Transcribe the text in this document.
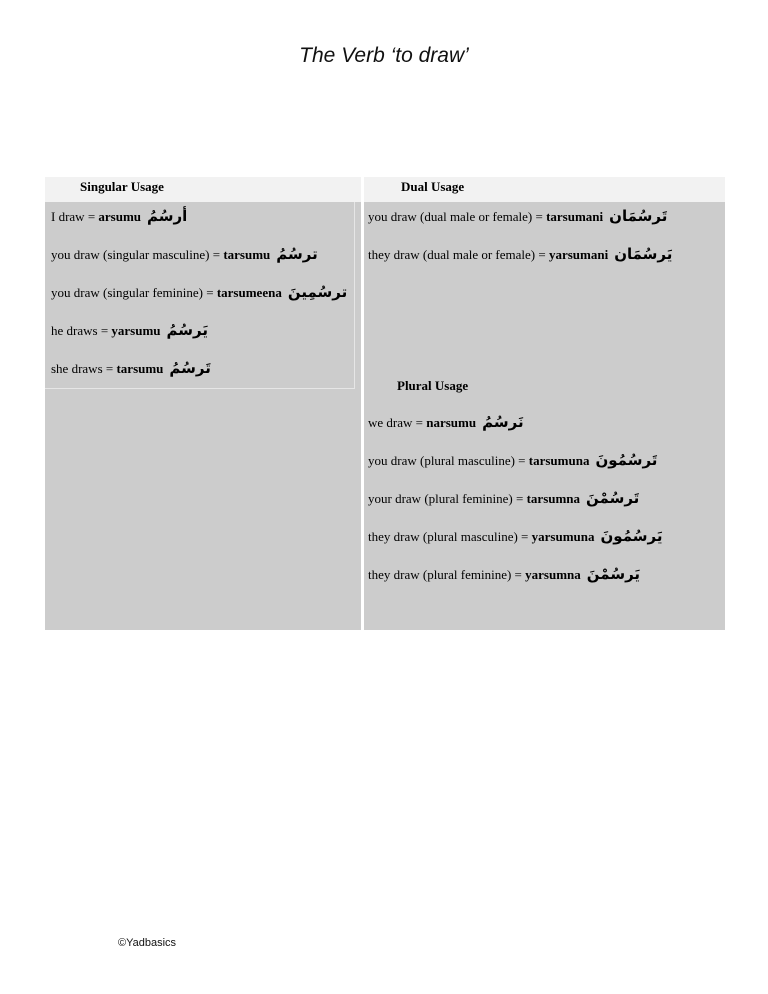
The Verb ‘to draw’
Singular Usage
I draw = arsumu أرسُمُ
you draw (singular masculine) = tarsumu ترسُمُ
you draw (singular feminine) = tarsumeena ترسُمِينَ
he draws = yarsumu يَرسُمُ
she draws = tarsumu تَرسُمُ
Dual Usage
you draw (dual male or female) = tarsumani تَرسُمَان
they draw (dual male or female) = yarsumani يَرسُمَان
Plural Usage
we draw = narsumu نَرسُمُ
you draw (plural masculine) = tarsumuna تَرسُمُونَ
your draw (plural feminine) = tarsumna تَرسُمْنَ
they draw (plural masculine) = yarsumuna يَرسُمُونَ
they draw (plural feminine) = yarsumna يَرسُمْنَ
©Yadbasics
